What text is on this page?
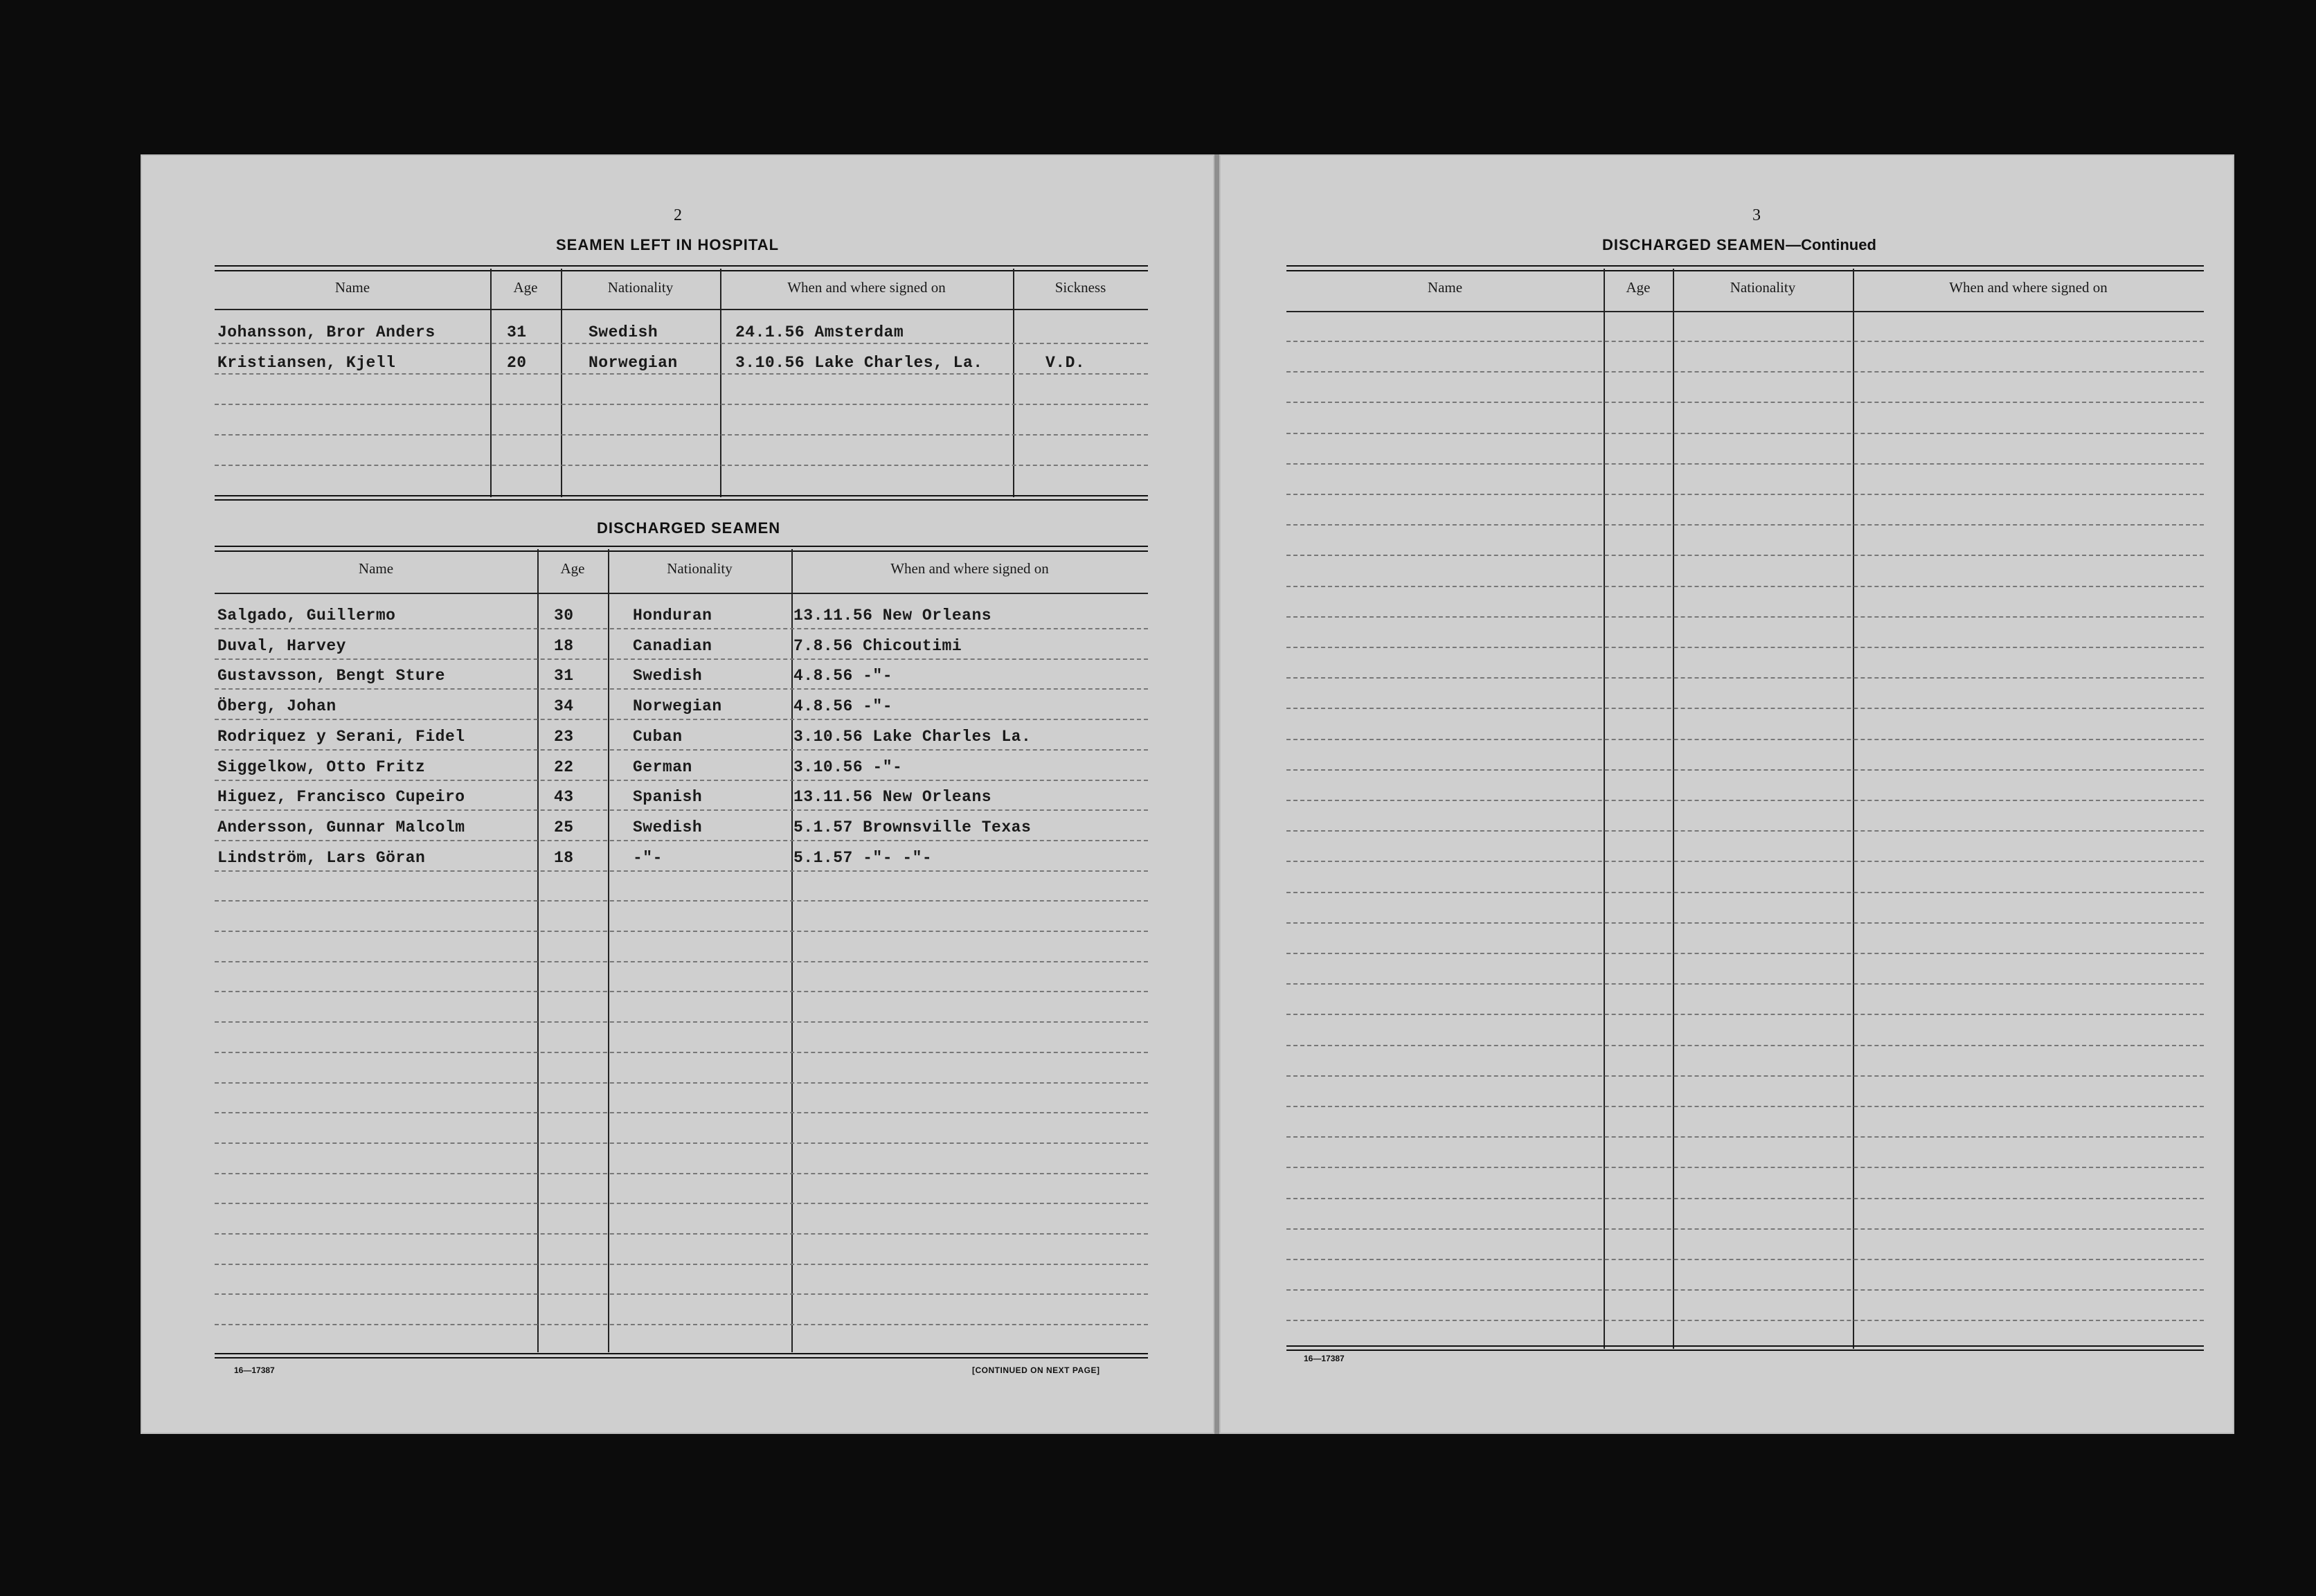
2
SEAMEN LEFT IN HOSPITAL
Name	Age	Nationality	When and where signed on	Sickness
Johansson, Bror Anders	31	Swedish	24.1.56 Amsterdam
Kristiansen, Kjell	20	Norwegian	3.10.56 Lake Charles, La.	V.D.
DISCHARGED SEAMEN
Name	Age	Nationality	When and where signed on
Salgado, Guillermo	30	Honduran	13.11.56 New Orleans
Duval, Harvey	18	Canadian	7.8.56 Chicoutimi
Gustavsson, Bengt Sture	31	Swedish	4.8.56 -"-
Öberg, Johan	34	Norwegian	4.8.56 -"-
Rodriquez y Serani, Fidel	23	Cuban	3.10.56 Lake Charles La.
Siggelkow, Otto Fritz	22	German	3.10.56 -"-
Higuez, Francisco Cupeiro	43	Spanish	13.11.56 New Orleans
Andersson, Gunnar Malcolm	25	Swedish	5.1.57 Brownsville Texas
Lindström, Lars Göran	18	-"-	5.1.57 -"- -"-
16—17387	[CONTINUED ON NEXT PAGE]
3
DISCHARGED SEAMEN—Continued
Name	Age	Nationality	When and where signed on
16—17387
